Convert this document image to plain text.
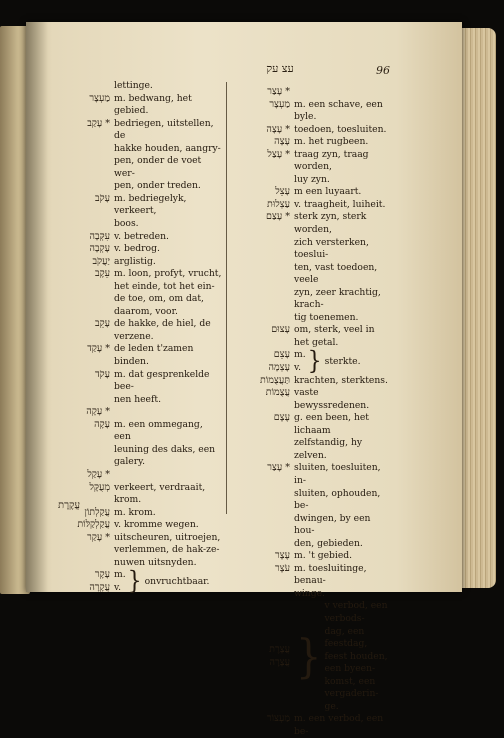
עצ עק	96
lettinge.
מַעְצָר m. bedwang, het gebied.
* עָקַב bedriegen, uitstellen, de
hakke houden, aangry-
pen, onder de voet wer-
pen, onder treden.
עָקֹב m. bedriegelyk, verkeert,
boos.
עִקְּבָה v. betreden.
עָקְבָה v. bedrog.
יַעֲקֹב arglistig.
עֵקֶב m. loon, profyt, vrucht,
het einde, tot het ein-
de toe, om, om dat,
daarom, voor.
עָקֵב de hakke, de hiel, de
verzene.
* עָקַד de leden t'zamen binden.
עָקֹד m. dat gesprenkelde bee-
nen heeft.
* עָקָה
עָקָה m. een ommegang, een
leuning des daks, een
galery.
* עָקַל
מְעֻקָּל verkeert, verdraait, krom.
עֲקַלְתוֹן m. krom.
עֲקַלְקַלּוֹת v. kromme wegen.
* עָקַר uitscheuren, uitroejen,
verlemmen, de hak-ze-
nuwen uitsnyden.
עָקָר m.
עֲקָרָה v. } onvruchtbaar.
עֲקֶרֶת
* עָצַר
מַעְצָר m. een schave, een byle.
* עָצָה toedoen, toesluiten.
עָצָה m. het rugbeen.
* עָצַל traag zyn, traag worden,
luy zyn.
עָצֵל m een luyaart.
עַצְלוּת v. traagheit, luiheit.
* עָצַם sterk zyn, sterk worden,
zich versterken, toeslui-
ten, vast toedoen, veele
zyn, zeer krachtig, krach-
tig toenemen.
עָצוּם om, sterk, veel in het getal.
עָצֵם m.
עָצְמָה v. } sterkte.
תַּעֲצֻמוֹת krachten, sterktens.
עֲצֻמוֹת vaste bewyssredenen.
עֶצֶם g. een been, het lichaam
zelfstandig, hy zelven.
* עָצַר sluiten, toesluiten, in-
sluiten, ophouden, be-
dwingen, by een hou-
den, gebieden.
עֶצֶר m. 't gebied.
עֹצֶר m. toesluitinge, benau-
winge.
עֲצֶרֶת
עֲצָרָה }
v verbod, een verbods-
dag, een feestdag,
feest houden, een byeen-
komst, een vergaderin-
ge.
מַעְצוֹר m. een verbod, een be-
